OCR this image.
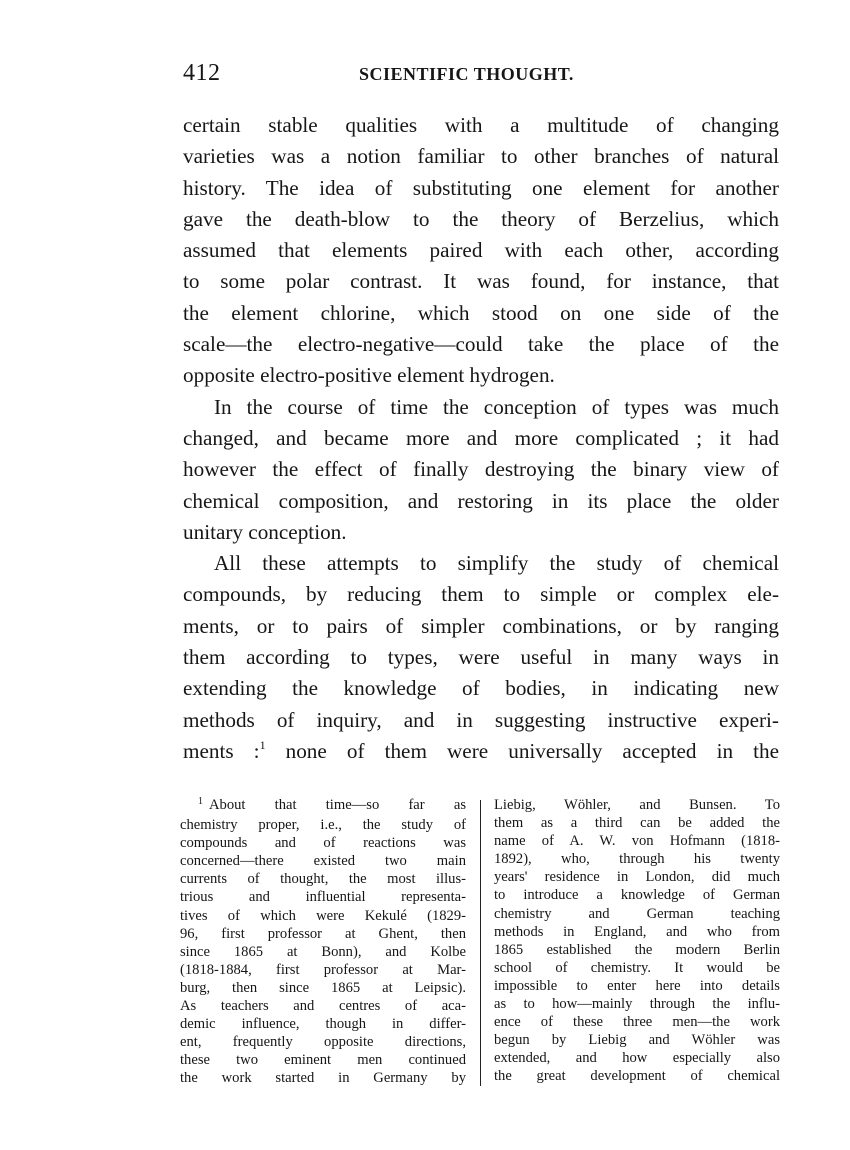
412	SCIENTIFIC THOUGHT.

certain stable qualities with a multitude of changing
varieties was a notion familiar to other branches of natural
history. The idea of substituting one element for another
gave the death-blow to the theory of Berzelius, which
assumed that elements paired with each other, according
to some polar contrast. It was found, for instance, that
the element chlorine, which stood on one side of the
scale—the electro-negative—could take the place of the
opposite electro-positive element hydrogen.

In the course of time the conception of types was much
changed, and became more and more complicated ; it had
however the effect of finally destroying the binary view of
chemical composition, and restoring in its place the older
unitary conception.

All these attempts to simplify the study of chemical
compounds, by reducing them to simple or complex ele-
ments, or to pairs of simpler combinations, or by ranging
them according to types, were useful in many ways in
extending the knowledge of bodies, in indicating new
methods of inquiry, and in suggesting instructive experi-
ments :$^1$ none of them were universally accepted in the

$^1$ About that time—so far as
chemistry proper, i.e., the study of
compounds and of reactions was
concerned—there existed two main
currents of thought, the most illus-
trious and influential representa-
tives of which were Kekulé (1829-
96, first professor at Ghent, then
since 1865 at Bonn), and Kolbe
(1818-1884, first professor at Mar-
burg, then since 1865 at Leipsic).
As teachers and centres of aca-
demic influence, though in differ-
ent, frequently opposite directions,
these two eminent men continued
the work started in Germany by
Liebig, Wöhler, and Bunsen. To
them as a third can be added the
name of A. W. von Hofmann (1818-
1892), who, through his twenty
years' residence in London, did much
to introduce a knowledge of German
chemistry and German teaching
methods in England, and who from
1865 established the modern Berlin
school of chemistry. It would be
impossible to enter here into details
as to how—mainly through the influ-
ence of these three men—the work
begun by Liebig and Wöhler was
extended, and how especially also
the great development of chemical
